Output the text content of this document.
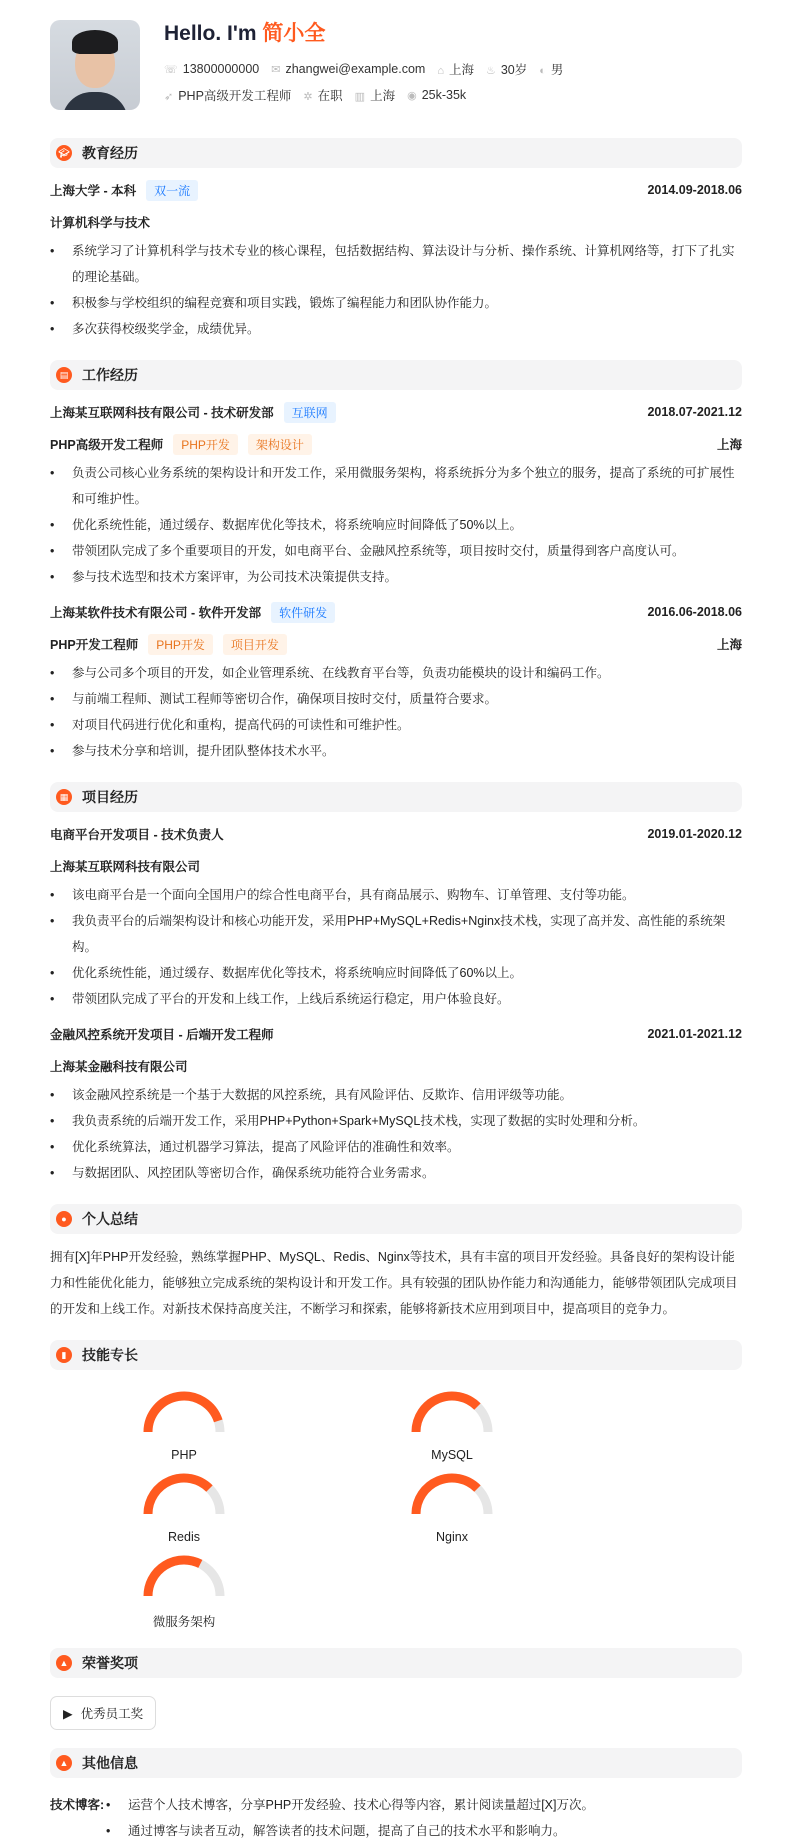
Hello. I'm 简小全
☏ 13800000000 ✉ zhangwei@example.com ⌂ 上海 ♨ 30岁 ◐ 男
➶ PHP高级开发工程师 ✲ 在职 ▥ 上海 ◉ 25k-35k
🎓︎ 教育经历
上海大学 - 本科	双一流	2014.09-2018.06
计算机科学与技术
• 系统学习了计算机科学与技术专业的核心课程，包括数据结构、算法设计与分析、操作系统、计算机网络等，打下了扎实的理论基础。
• 积极参与学校组织的编程竞赛和项目实践，锻炼了编程能力和团队协作能力。
• 多次获得校级奖学金，成绩优异。
▤ 工作经历
上海某互联网科技有限公司 - 技术研发部	互联网	2018.07-2021.12
PHP高级开发工程师	PHP开发	架构设计	上海
• 负责公司核心业务系统的架构设计和开发工作，采用微服务架构，将系统拆分为多个独立的服务，提高了系统的可扩展性和可维护性。
• 优化系统性能，通过缓存、数据库优化等技术，将系统响应时间降低了50%以上。
• 带领团队完成了多个重要项目的开发，如电商平台、金融风控系统等，项目按时交付，质量得到客户高度认可。
• 参与技术选型和技术方案评审，为公司技术决策提供支持。
上海某软件技术有限公司 - 软件开发部	软件研发	2016.06-2018.06
PHP开发工程师	PHP开发	项目开发	上海
• 参与公司多个项目的开发，如企业管理系统、在线教育平台等，负责功能模块的设计和编码工作。
• 与前端工程师、测试工程师等密切合作，确保项目按时交付，质量符合要求。
• 对项目代码进行优化和重构，提高代码的可读性和可维护性。
• 参与技术分享和培训，提升团队整体技术水平。
▦ 项目经历
电商平台开发项目 - 技术负责人	2019.01-2020.12
上海某互联网科技有限公司
• 该电商平台是一个面向全国用户的综合性电商平台，具有商品展示、购物车、订单管理、支付等功能。
• 我负责平台的后端架构设计和核心功能开发，采用PHP+MySQL+Redis+Nginx技术栈，实现了高并发、高性能的系统架构。
• 优化系统性能，通过缓存、数据库优化等技术，将系统响应时间降低了60%以上。
• 带领团队完成了平台的开发和上线工作，上线后系统运行稳定，用户体验良好。
金融风控系统开发项目 - 后端开发工程师	2021.01-2021.12
上海某金融科技有限公司
• 该金融风控系统是一个基于大数据的风控系统，具有风险评估、反欺诈、信用评级等功能。
• 我负责系统的后端开发工作，采用PHP+Python+Spark+MySQL技术栈，实现了数据的实时处理和分析。
• 优化系统算法，通过机器学习算法，提高了风险评估的准确性和效率。
• 与数据团队、风控团队等密切合作，确保系统功能符合业务需求。
●	个人总结
拥有[X]年PHP开发经验，熟练掌握PHP、MySQL、Redis、Nginx等技术，具有丰富的项目开发经验。具备良好的架构设计能力和性能优化能力，能够独立完成系统的架构设计和开发工作。具有较强的团队协作能力和沟通能力，能够带领团队完成项目的开发和上线工作。对新技术保持高度关注，不断学习和探索，能够将新技术应用到项目中，提高项目的竞争力。
▮	技能专长
PHP	MySQL
Redis	Nginx
微服务架构
▲ 荣誉奖项
▶ 优秀员工奖
▲ 其他信息
技术博客:	• 运营个人技术博客，分享PHP开发经验、技术心得等内容，累计阅读量超过[X]万次。
• 通过博客与读者互动，解答读者的技术问题，提高了自己的技术水平和影响力。
